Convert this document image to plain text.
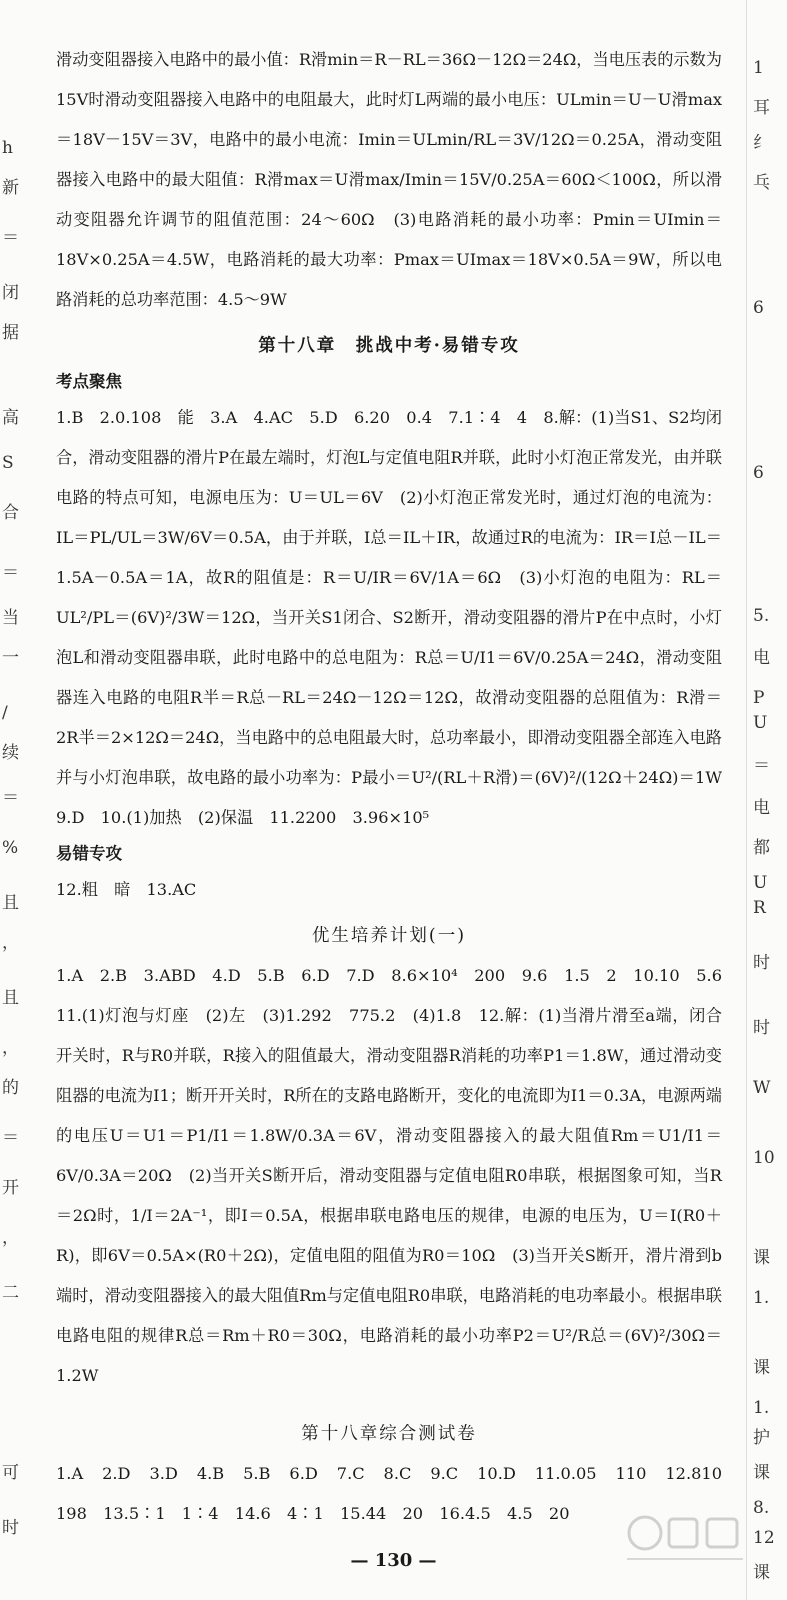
h
新
＝
闭
据
高
S
合
＝
当
一
/
续
＝
%
且
，
且
，
的
＝
开
，
二
可
时
1
耳
纟
乓
6
6
5.
电
P
U
＝
电
都
U
R
时
时
W
10
课
1.
课
1.
护
课
8.
12
课

滑动变阻器接入电路中的最小值：R滑min＝R－RL＝36Ω－12Ω＝24Ω，当电压表的示数为15V时滑动变阻器接入电路中的电阻最大，此时灯L两端的最小电压：ULmin＝U－U滑max＝18V－15V＝3V，电路中的最小电流：Imin＝ULmin/RL＝3V/12Ω＝0.25A，滑动变阻器接入电路中的最大阻值：R滑max＝U滑max/Imin＝15V/0.25A＝60Ω＜100Ω，所以滑动变阻器允许调节的阻值范围：24～60Ω　(3)电路消耗的最小功率：Pmin＝UImin＝18V×0.25A＝4.5W，电路消耗的最大功率：Pmax＝UImax＝18V×0.5A＝9W，所以电路消耗的总功率范围：4.5～9W

第十八章　挑战中考·易错专攻
考点聚焦

1.B　2.0.108　能　3.A　4.AC　5.D　6.20　0.4　7.1∶4　4　8.解：(1)当S1、S2均闭合，滑动变阻器的滑片P在最左端时，灯泡L与定值电阻R并联，此时小灯泡正常发光，由并联电路的特点可知，电源电压为：U＝UL＝6V　(2)小灯泡正常发光时，通过灯泡的电流为：IL＝PL/UL＝3W/6V＝0.5A，由于并联，I总＝IL＋IR，故通过R的电流为：IR＝I总－IL＝1.5A－0.5A＝1A，故R的阻值是：R＝U/IR＝6V/1A＝6Ω　(3)小灯泡的电阻为：RL＝UL²/PL＝(6V)²/3W＝12Ω，当开关S1闭合、S2断开，滑动变阻器的滑片P在中点时，小灯泡L和滑动变阻器串联，此时电路中的总电阻为：R总＝U/I1＝6V/0.25A＝24Ω，滑动变阻器连入电路的电阻R半＝R总－RL＝24Ω－12Ω＝12Ω，故滑动变阻器的总阻值为：R滑＝2R半＝2×12Ω＝24Ω，当电路中的总电阻最大时，总功率最小，即滑动变阻器全部连入电路并与小灯泡串联，故电路的最小功率为：P最小＝U²/(RL＋R滑)＝(6V)²/(12Ω＋24Ω)＝1W　9.D　10.(1)加热　(2)保温　11.2200　3.96×10⁵

易错专攻

12.粗　暗　13.AC

优生培养计划(一)

1.A　2.B　3.ABD　4.D　5.B　6.D　7.D　8.6×10⁴　200　9.6　1.5　2　10.10　5.6　11.(1)灯泡与灯座　(2)左　(3)1.292　775.2　(4)1.8　12.解：(1)当滑片滑至a端，闭合开关时，R与R0并联，R接入的阻值最大，滑动变阻器R消耗的功率P1＝1.8W，通过滑动变阻器的电流为I1；断开开关时，R所在的支路电路断开，变化的电流即为I1＝0.3A，电源两端的电压U＝U1＝P1/I1＝1.8W/0.3A＝6V，滑动变阻器接入的最大阻值Rm＝U1/I1＝6V/0.3A＝20Ω　(2)当开关S断开后，滑动变阻器与定值电阻R0串联，根据图象可知，当R＝2Ω时，1/I＝2A⁻¹，即I＝0.5A，根据串联电路电压的规律，电源的电压为，U＝I(R0＋R)，即6V＝0.5A×(R0＋2Ω)，定值电阻的阻值为R0＝10Ω　(3)当开关S断开，滑片滑到b端时，滑动变阻器接入的最大阻值Rm与定值电阻R0串联，电路消耗的电功率最小。根据串联电路电阻的规律R总＝Rm＋R0＝30Ω，电路消耗的最小功率P2＝U²/R总＝(6V)²/30Ω＝1.2W

第十八章综合测试卷

1.A　2.D　3.D　4.B　5.B　6.D　7.C　8.C　9.C　10.D　11.0.05　110　12.810　198　13.5∶1　1∶4　14.6　4∶1　15.44　20　16.4.5　4.5　20

— 130 —
